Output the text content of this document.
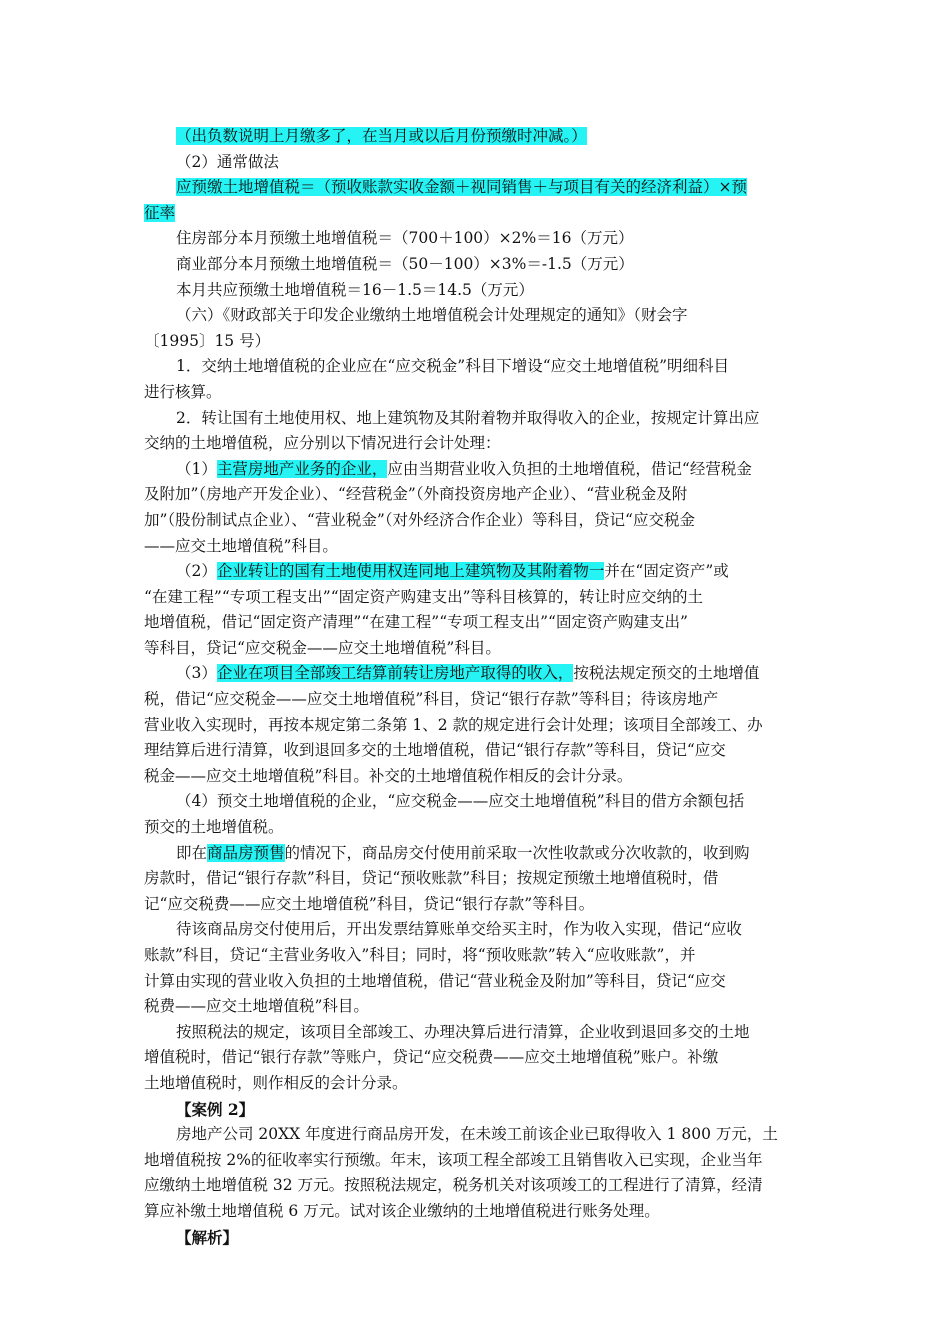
（出负数说明上月缴多了，在当月或以后月份预缴时冲减。）
（2）通常做法
应预缴土地增值税＝（预收账款实收金额＋视同销售＋与项目有关的经济利益）×预
征率
住房部分本月预缴土地增值税＝（700＋100）×2%＝16（万元）
商业部分本月预缴土地增值税＝（50－100）×3%＝-1.5（万元）
本月共应预缴土地增值税＝16－1.5＝14.5（万元）
（六）《财政部关于印发企业缴纳土地增值税会计处理规定的通知》（财会字
〔1995〕15 号）
1．交纳土地增值税的企业应在“应交税金”科目下增设“应交土地增值税”明细科目
进行核算。
2．转让国有土地使用权、地上建筑物及其附着物并取得收入的企业，按规定计算出应
交纳的土地增值税，应分别以下情况进行会计处理：
（1）主营房地产业务的企业，应由当期营业收入负担的土地增值税，借记“经营税金
及附加”（房地产开发企业）、“经营税金”（外商投资房地产企业）、“营业税金及附
加”（股份制试点企业）、“营业税金”（对外经济合作企业）等科目，贷记“应交税金
——应交土地增值税”科目。
（2）企业转让的国有土地使用权连同地上建筑物及其附着物一并在“固定资产”或
“在建工程”“专项工程支出”“固定资产购建支出”等科目核算的，转让时应交纳的土
地增值税，借记“固定资产清理”“在建工程”“专项工程支出”“固定资产购建支出”
等科目，贷记“应交税金——应交土地增值税”科目。
（3）企业在项目全部竣工结算前转让房地产取得的收入，按税法规定预交的土地增值
税，借记“应交税金——应交土地增值税”科目，贷记“银行存款”等科目；待该房地产
营业收入实现时，再按本规定第二条第 1、2 款的规定进行会计处理；该项目全部竣工、办
理结算后进行清算，收到退回多交的土地增值税，借记“银行存款”等科目，贷记“应交
税金——应交土地增值税”科目。补交的土地增值税作相反的会计分录。
（4）预交土地增值税的企业，“应交税金——应交土地增值税”科目的借方余额包括
预交的土地增值税。
即在商品房预售的情况下，商品房交付使用前采取一次性收款或分次收款的，收到购
房款时，借记“银行存款”科目，贷记“预收账款”科目；按规定预缴土地增值税时，借
记“应交税费——应交土地增值税”科目，贷记“银行存款”等科目。
待该商品房交付使用后，开出发票结算账单交给买主时，作为收入实现，借记“应收
账款”科目，贷记“主营业务收入”科目；同时，将“预收账款”转入“应收账款”，并
计算由实现的营业收入负担的土地增值税，借记“营业税金及附加”等科目，贷记“应交
税费——应交土地增值税”科目。
按照税法的规定，该项目全部竣工、办理决算后进行清算，企业收到退回多交的土地
增值税时，借记“银行存款”等账户，贷记“应交税费——应交土地增值税”账户。补缴
土地增值税时，则作相反的会计分录。
【案例 2】
房地产公司 20XX 年度进行商品房开发，在未竣工前该企业已取得收入 1 800 万元，土
地增值税按 2%的征收率实行预缴。年末，该项工程全部竣工且销售收入已实现，企业当年
应缴纳土地增值税 32 万元。按照税法规定，税务机关对该项竣工的工程进行了清算，经清
算应补缴土地增值税 6 万元。试对该企业缴纳的土地增值税进行账务处理。
【解析】
